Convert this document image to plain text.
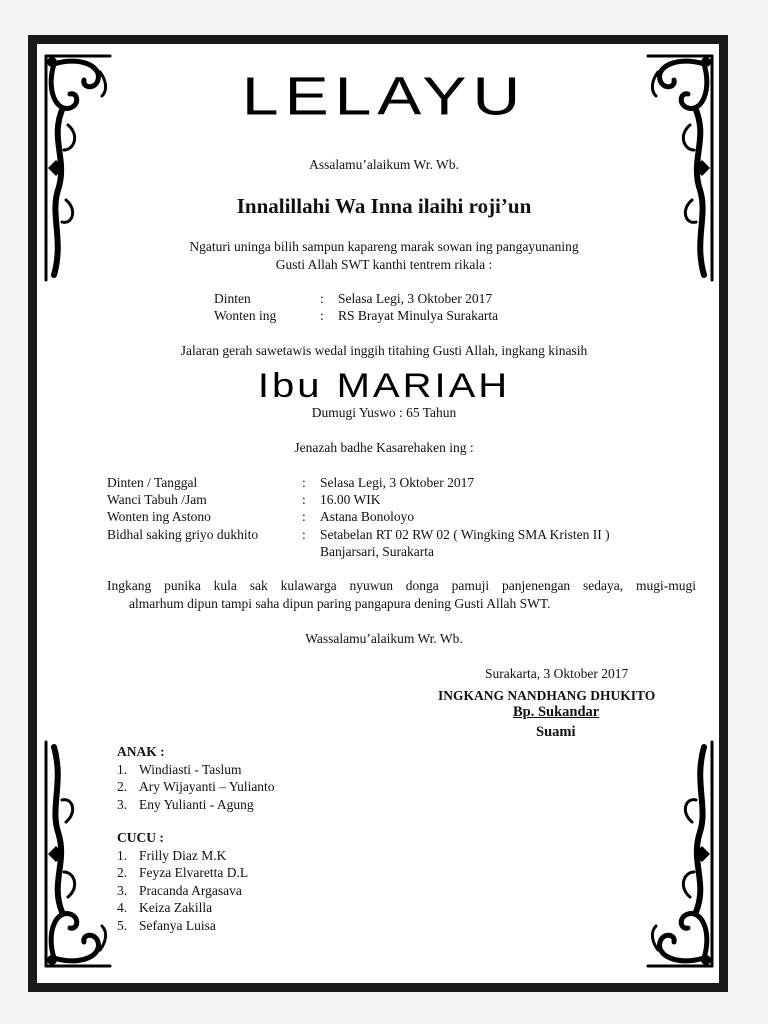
LELAYU
Assalamu’alaikum Wr. Wb.
Innalillahi Wa Inna ilaihi roji’un
Ngaturi uninga bilih sampun kapareng marak sowan ing pangayunaning
Gusti Allah SWT kanthi tentrem rikala :
Dinten	: Selasa Legi, 3 Oktober 2017
Wonten ing	: RS Brayat Minulya Surakarta
Jalaran gerah sawetawis wedal inggih titahing Gusti Allah, ingkang kinasih
Ibu MARIAH
Dumugi Yuswo : 65 Tahun
Jenazah badhe Kasarehaken ing :
Dinten / Tanggal	: Selasa Legi, 3 Oktober 2017
Wanci Tabuh /Jam	: 16.00 WIK
Wonten ing Astono	: Astana Bonoloyo
Bidhal saking griyo dukhito	: Setabelan RT 02 RW 02 ( Wingking SMA Kristen II )
Banjarsari, Surakarta
Ingkang punika kula sak kulawarga nyuwun donga pamuji panjenengan sedaya, mugi-mugi
almarhum dipun tampi saha dipun paring pangapura dening Gusti Allah SWT.
Wassalamu’alaikum Wr. Wb.
Surakarta, 3 Oktober 2017
INGKANG NANDHANG DHUKITO
Bp. Sukandar
Suami
ANAK :
1. Windiasti - Taslum
2. Ary Wijayanti – Yulianto
3. Eny Yulianti - Agung
CUCU :
1. Frilly Diaz M.K
2. Feyza Elvaretta D.L
3. Pracanda Argasava
4. Keiza Zakilla
5. Sefanya Luisa
